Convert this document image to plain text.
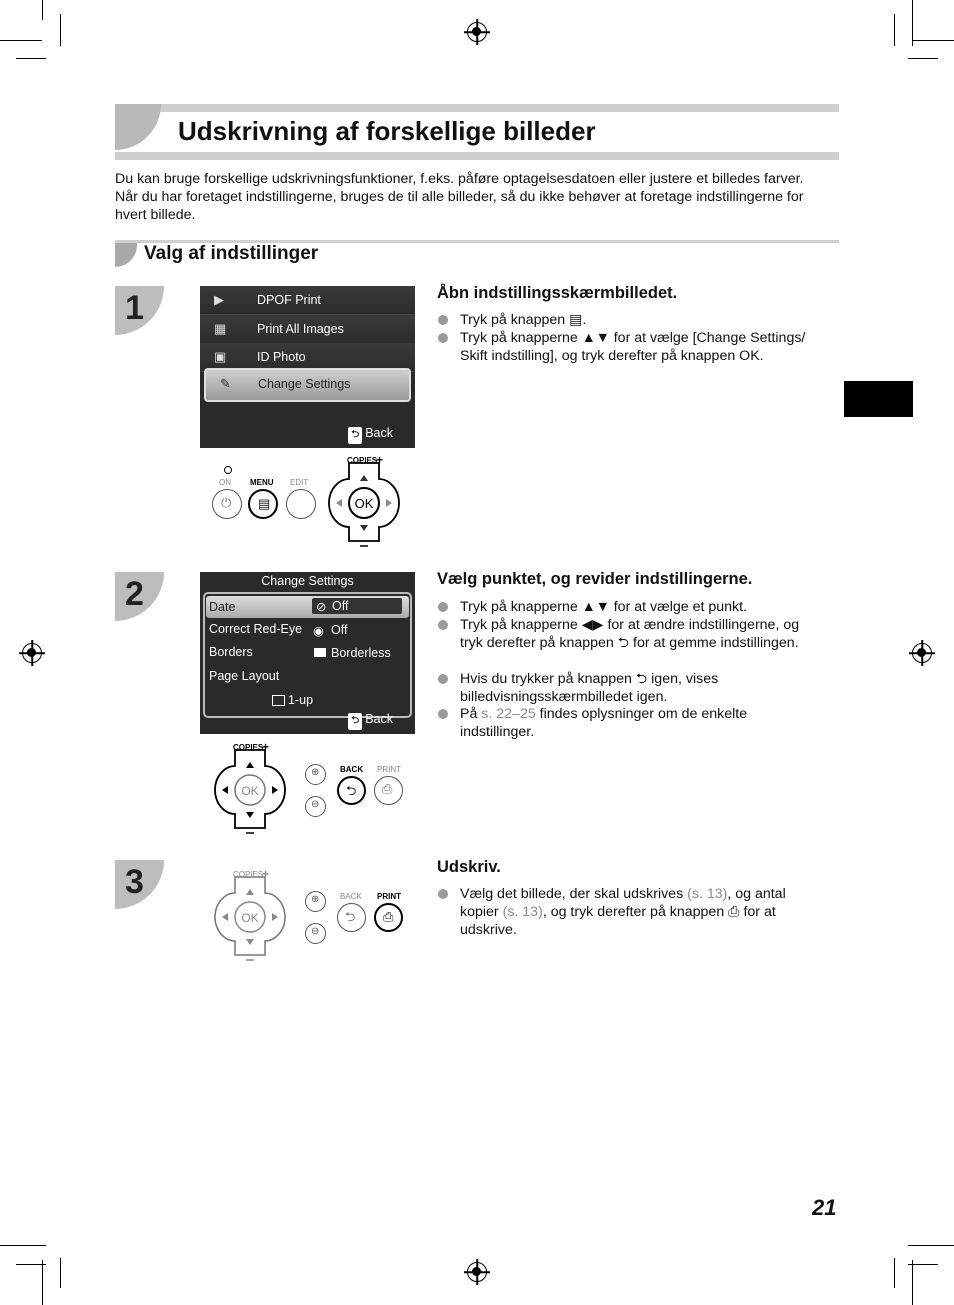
Udskrivning af forskellige billeder
Du kan bruge forskellige udskrivningsfunktioner, f.eks. påføre optagelsesdatoen eller justere et billedes farver. Når du har foretaget indstillingerne, bruges de til alle billeder, så du ikke behøver at foretage indstillingerne for hvert billede.
Valg af indstillinger
1	▶	DPOF Print
▦	Print All Images
▣	ID Photo
✎	Change Settings
⮌ Back
ON MENU EDIT
⏻ ▤	OK
COPIES
+
Åbn indstillingsskærmbilledet.
Tryk på knappen ▤.
Tryk på knapperne ▲▼ for at vælge [Change Settings/ Skift indstilling], og tryk derefter på knappen OK.
2	Change Settings
Date	⊘ Off
Correct Red-Eye ◉ Off
Borders	Borderless
Page Layout
1-up
⮌ Back
OK
COPIES
+
⊕
⊖
BACK PRINT
⮌ ⎙
Vælg punktet, og revider indstillingerne.
Tryk på knapperne ▲▼ for at vælge et punkt.
Tryk på knapperne ◀▶ for at ændre indstillingerne, og tryk derefter på knappen ⮌ for at gemme indstillingen.
Hvis du trykker på knappen ⮌ igen, vises billedvisningsskærmbilledet igen.
På s. 22–25 findes oplysninger om de enkelte indstillinger.
3
OK
COPIES
+
⊕
⊖
BACK PRINT
⮌ ⎙
Udskriv.
Vælg det billede, der skal udskrives (s. 13), og antal kopier (s. 13), og tryk derefter på knappen ⎙ for at udskrive.
21
